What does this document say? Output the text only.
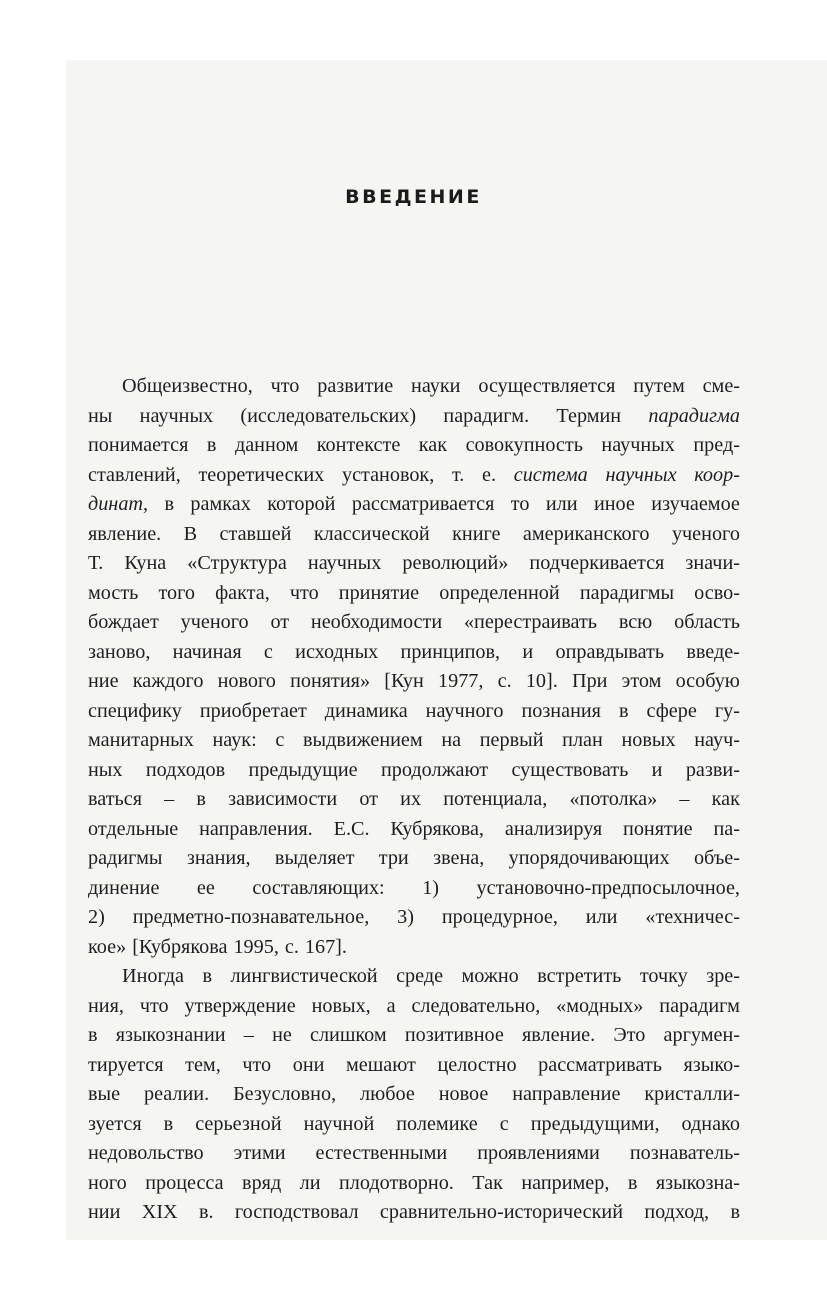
ВВЕДЕНИЕ
Общеизвестно, что развитие науки осуществляется путем сме-
ны научных (исследовательских) парадигм. Термин парадигма
понимается в данном контексте как совокупность научных пред-
ставлений, теоретических установок, т. е. система научных коор-
динат, в рамках которой рассматривается то или иное изучаемое
явление. В ставшей классической книге американского ученого
Т. Куна «Структура научных революций» подчеркивается значи-
мость того факта, что принятие определенной парадигмы осво-
бождает ученого от необходимости «перестраивать всю область
заново, начиная с исходных принципов, и оправдывать введе-
ние каждого нового понятия» [Кун 1977, с. 10]. При этом особую
специфику приобретает динамика научного познания в сфере гу-
манитарных наук: с выдвижением на первый план новых науч-
ных подходов предыдущие продолжают существовать и разви-
ваться – в зависимости от их потенциала, «потолка» – как
отдельные направления. Е.С. Кубрякова, анализируя понятие па-
радигмы знания, выделяет три звена, упорядочивающих объе-
динение ее составляющих: 1) установочно-предпосылочное,
2) предметно-познавательное, 3) процедурное, или «техничес-
кое» [Кубрякова 1995, с. 167].
Иногда в лингвистической среде можно встретить точку зре-
ния, что утверждение новых, а следовательно, «модных» парадигм
в языкознании – не слишком позитивное явление. Это аргумен-
тируется тем, что они мешают целостно рассматривать языко-
вые реалии. Безусловно, любое новое направление кристалли-
зуется в серьезной научной полемике с предыдущими, однако
недовольство этими естественными проявлениями познаватель-
ного процесса вряд ли плодотворно. Так например, в языкозна-
нии XIX в. господствовал сравнительно-исторический подход, в
